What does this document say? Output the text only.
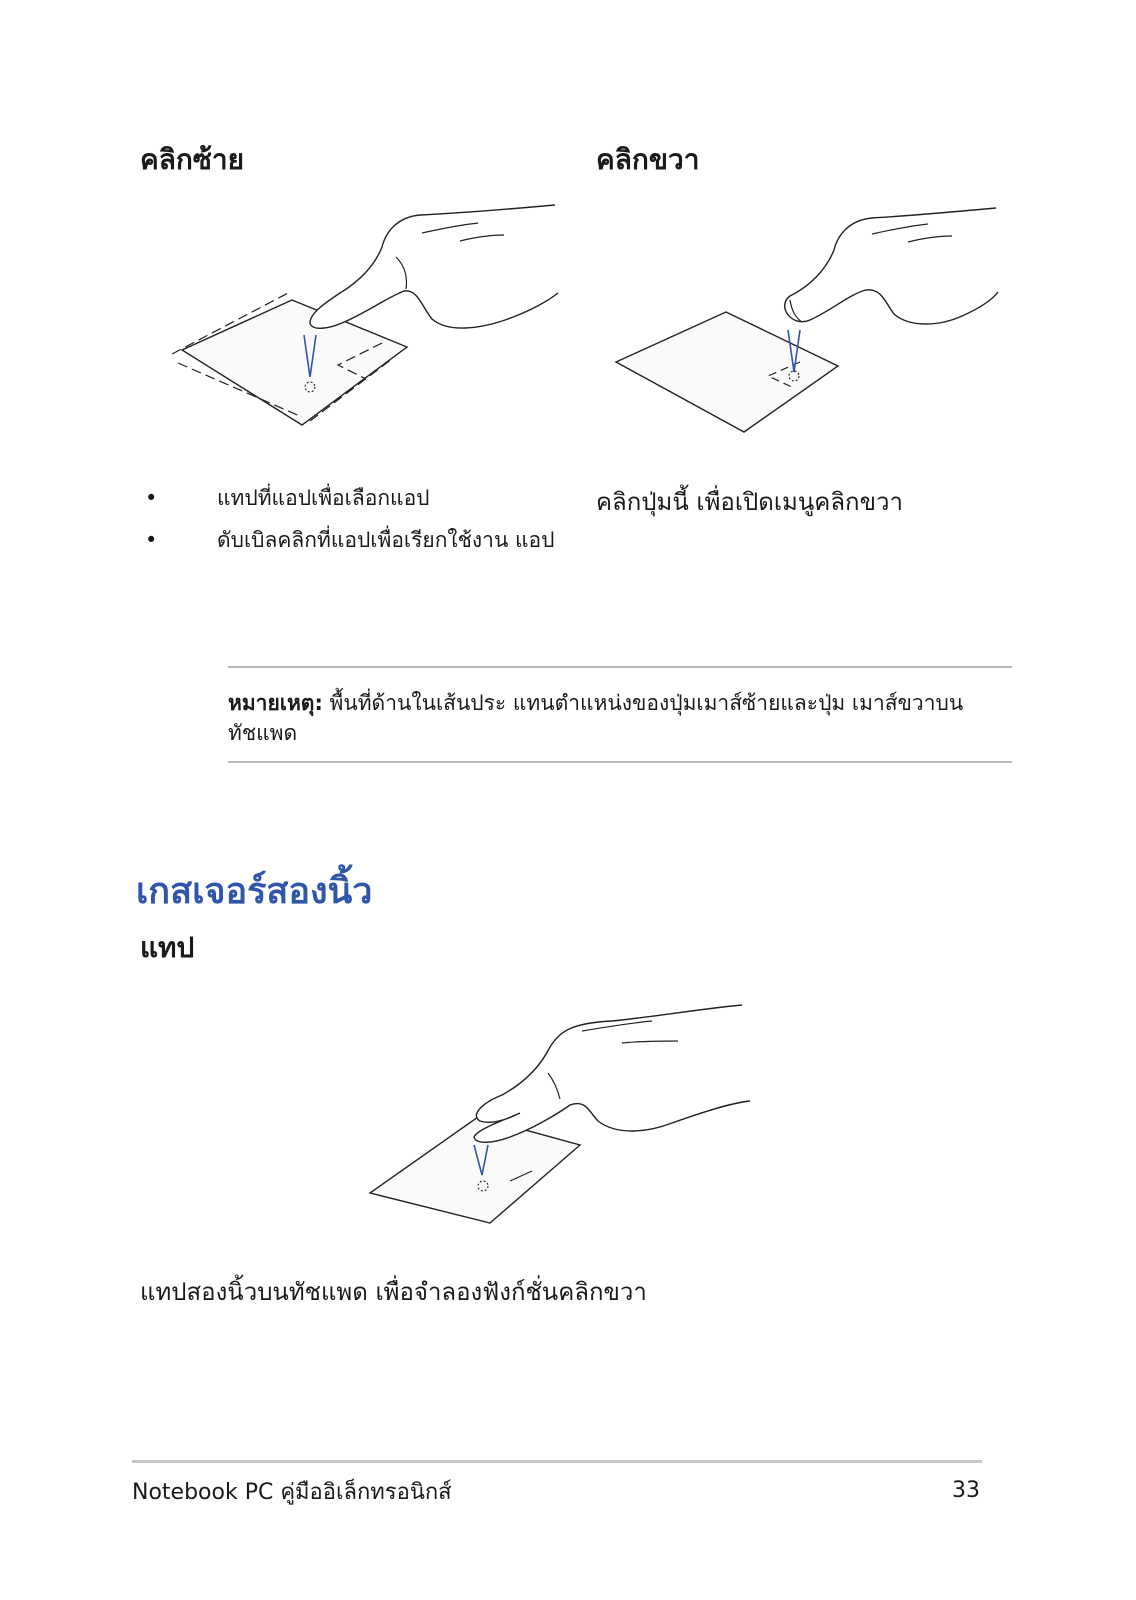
คลิกซ้าย	คลิกขวา
•	แทปที่แอปเพื่อเลือกแอป
•	ดับเบิลคลิกที่แอปเพื่อเรียกใช้งาน แอป
คลิกปุ่มนี้ เพื่อเปิดเมนูคลิกขวา
หมายเหตุ: พื้นที่ด้านในเส้นประ แทนตำแหน่งของปุ่มเมาส์ซ้ายและปุ่ม เมาส์ขวาบนทัชแพด
เกสเจอร์สองนิ้ว
แทป
แทปสองนิ้วบนทัชแพด เพื่อจำลองฟังก์ชั่นคลิกขวา
Notebook PC คู่มืออิเล็กทรอนิกส์	33
